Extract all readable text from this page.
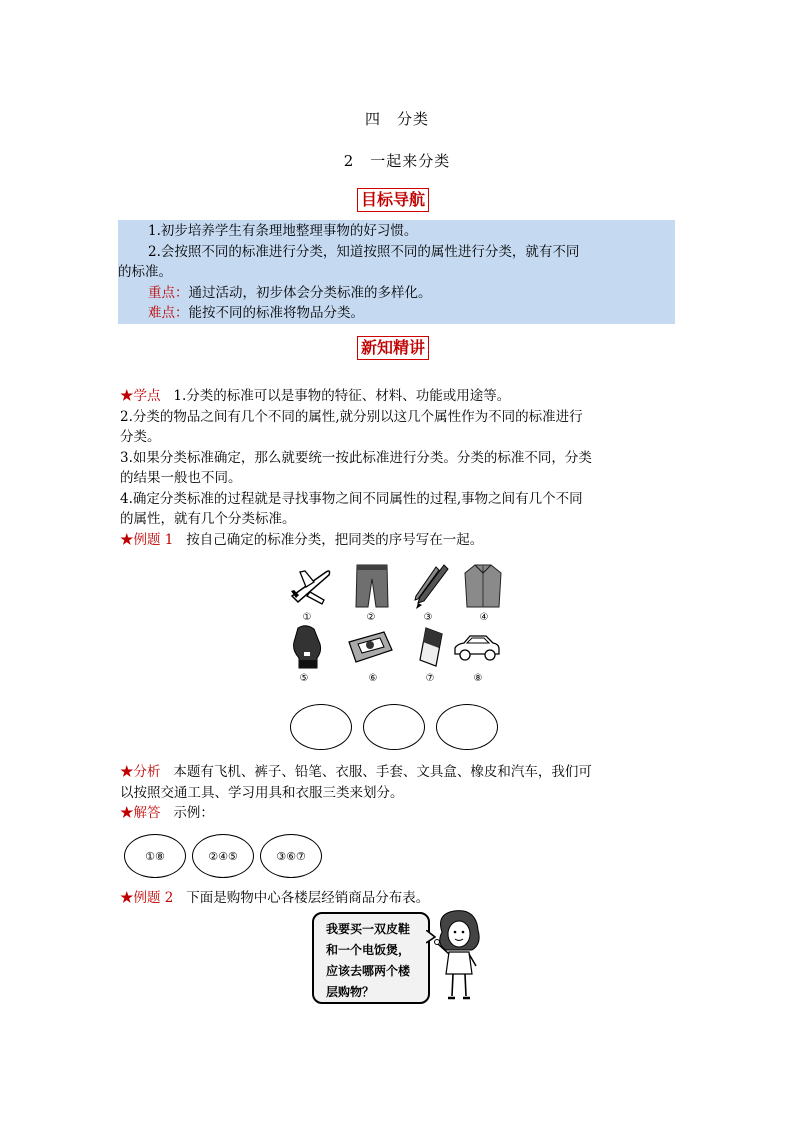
四　分类
2　一起来分类
目标导航
1.初步培养学生有条理地整理事物的好习惯。
2.会按照不同的标准进行分类，知道按照不同的属性进行分类，就有不同
的标准。
重点：通过活动，初步体会分类标准的多样化。
难点：能按不同的标准将物品分类。
新知精讲
★学点 1.分类的标准可以是事物的特征、材料、功能或用途等。
2.分类的物品之间有几个不同的属性,就分别以这几个属性作为不同的标准进行
分类。
3.如果分类标准确定，那么就要统一按此标准进行分类。分类的标准不同，分类
的结果一般也不同。
4.确定分类标准的过程就是寻找事物之间不同属性的过程,事物之间有几个不同
的属性，就有几个分类标准。
★例题 1 按自己确定的标准分类，把同类的序号写在一起。
①	②	③	④
⑤	⑥	⑦	⑧
★分析 本题有飞机、裤子、铅笔、衣服、手套、文具盒、橡皮和汽车，我们可
以按照交通工具、学习用具和衣服三类来划分。
★解答 示例：
①⑧	②④⑤	③⑥⑦
★例题 2 下面是购物中心各楼层经销商品分布表。
我要买一双皮鞋
和一个电饭煲，
应该去哪两个楼
层购物？
